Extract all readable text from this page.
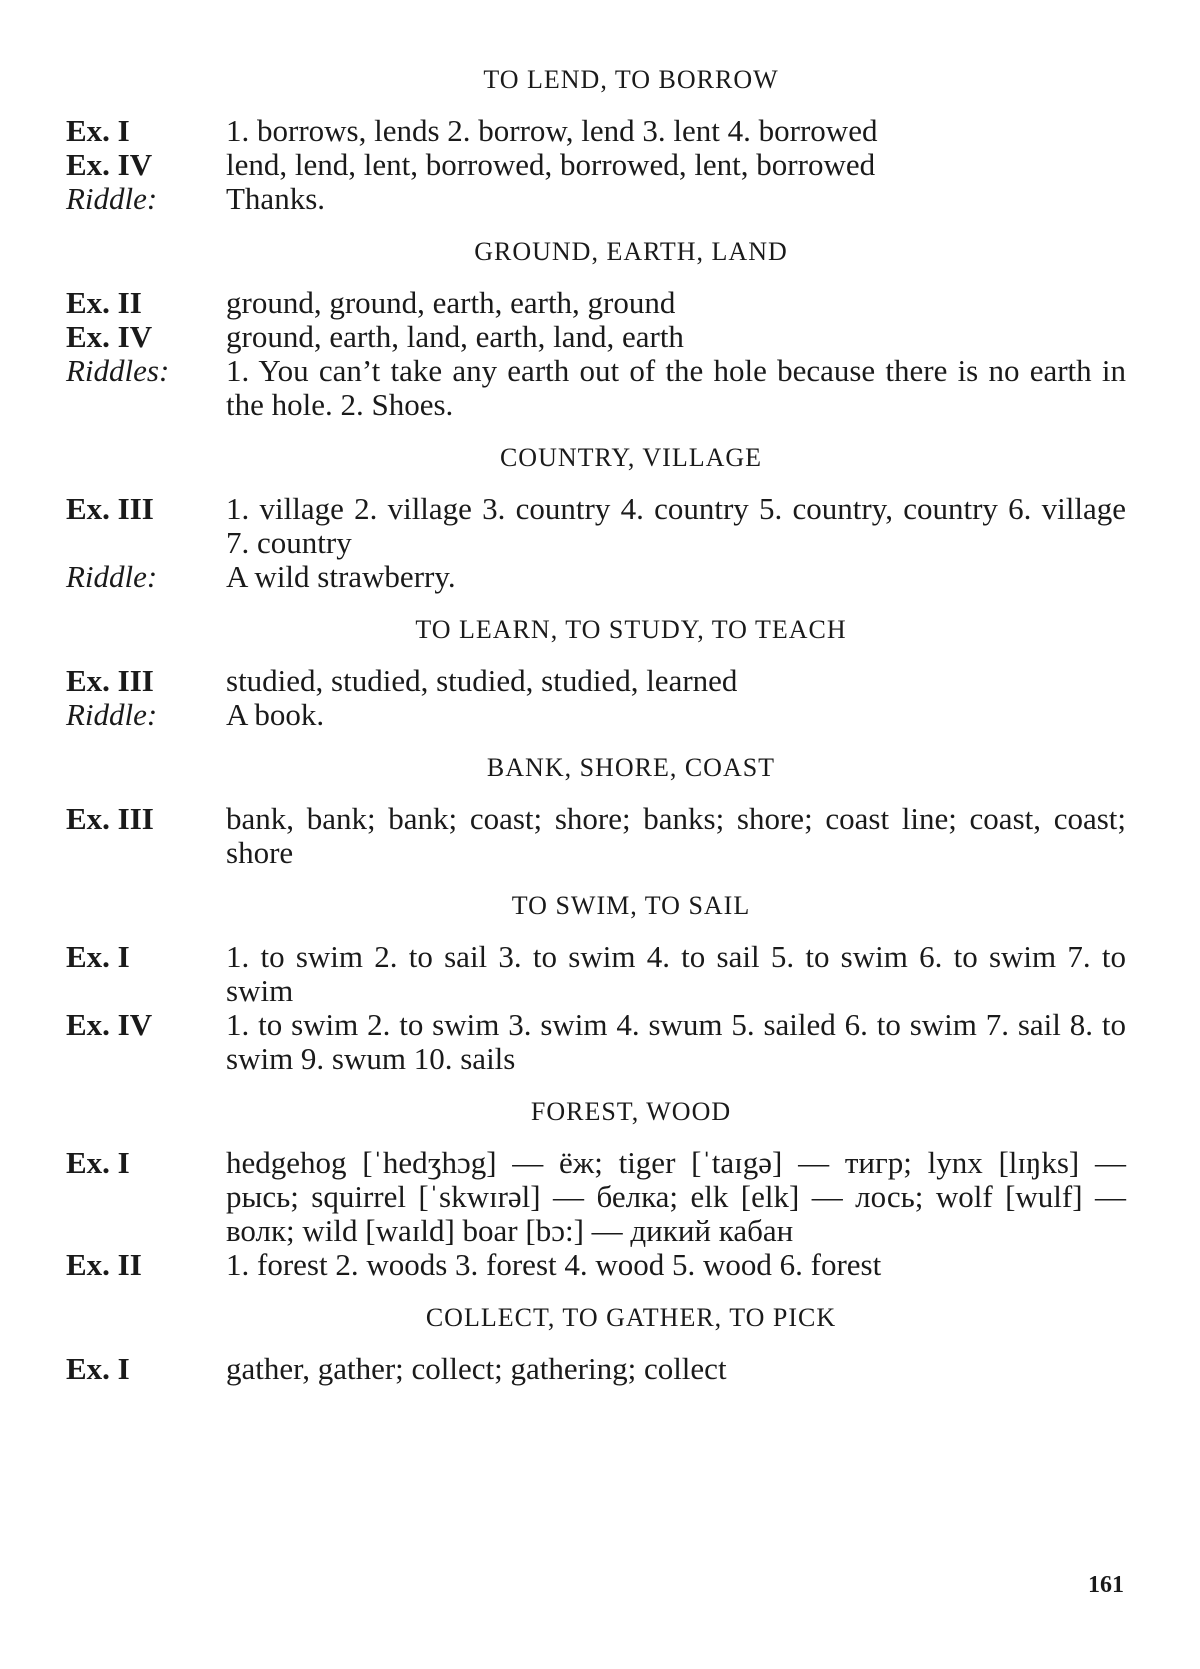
TO LEND, TO BORROW
Ex. I	1. borrows, lends 2. borrow, lend 3. lent 4. borrowed
Ex. IV	lend, lend, lent, borrowed, borrowed, lent, borrowed
Riddle:	Thanks.
GROUND, EARTH, LAND
Ex. II	ground, ground, earth, earth, ground
Ex. IV	ground, earth, land, earth, land, earth
Riddles:	1. You can’t take any earth out of the hole because there is no earth in the hole. 2. Shoes.
COUNTRY, VILLAGE
Ex. III	1. village 2. village 3. country 4. country 5. country, country 6. village 7. country
Riddle:	A wild strawberry.
TO LEARN, TO STUDY, TO TEACH
Ex. III	studied, studied, studied, studied, learned
Riddle:	A book.
BANK, SHORE, COAST
Ex. III	bank, bank; bank; coast; shore; banks; shore; coast line; coast, coast; shore
TO SWIM, TO SAIL
Ex. I	1. to swim 2. to sail 3. to swim 4. to sail 5. to swim 6. to swim 7. to swim
Ex. IV	1. to swim 2. to swim 3. swim 4. swum 5. sailed 6. to swim 7. sail 8. to swim 9. swum 10. sails
FOREST, WOOD
Ex. I	hedgehog [ˈhedʒhɔg] — ёж; tiger [ˈtaɪgə] — тигр; lynx [lɪŋks] — рысь; squirrel [ˈskwɪrəl] — белка; elk [elk] — лось; wolf [wulf] — волк; wild [waɪld] boar [bɔ:] — дикий кабан
Ex. II	1. forest 2. woods 3. forest 4. wood 5. wood 6. forest
COLLECT, TO GATHER, TO PICK
Ex. I	gather, gather; collect; gathering; collect
161
